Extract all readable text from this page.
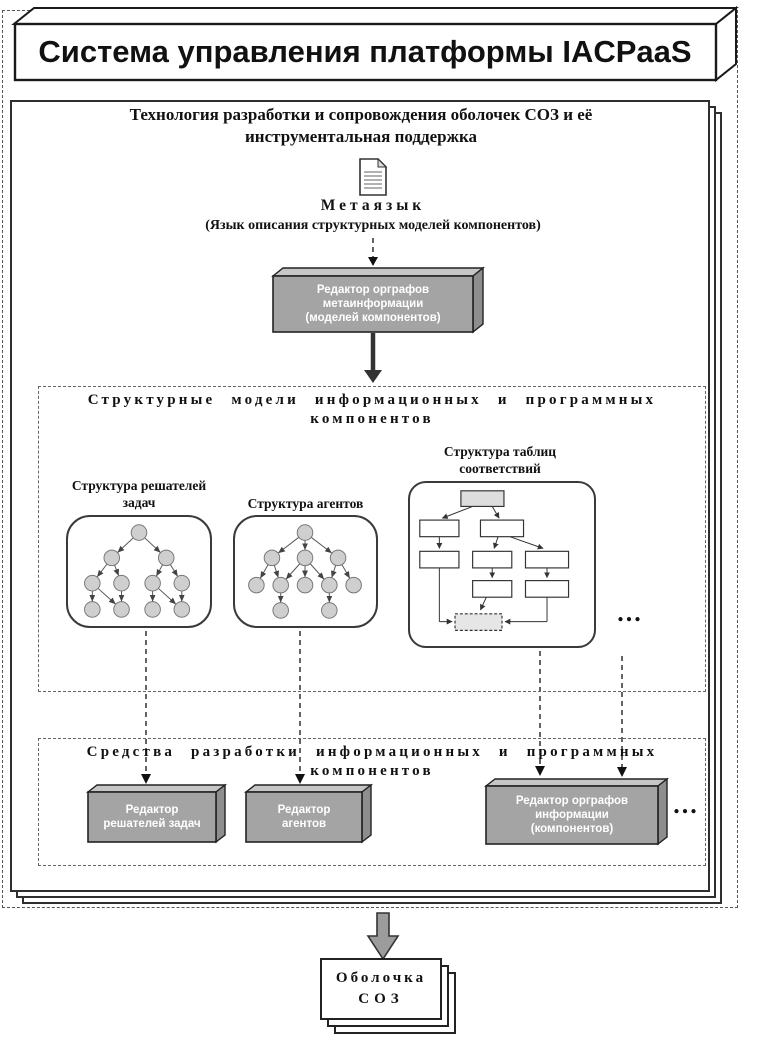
Система управления платформы IACPaaS
Технология разработки и сопровождения оболочек СОЗ и её
инструментальная поддержка
Метаязык
(Язык описания структурных моделей компонентов)
Редактор орграфов
метаинформации
(моделей компонентов)
Структурные модели информационных и программных
компонентов
Структура решателей
задач	Структура агентов
Структура таблиц
соответствий
...
Средства разработки информационных и программных
компонентов
Редактор
решателей задач
Редактор
агентов
Редактор орграфов
информации
(компонентов)
...
Оболочка
СОЗ
